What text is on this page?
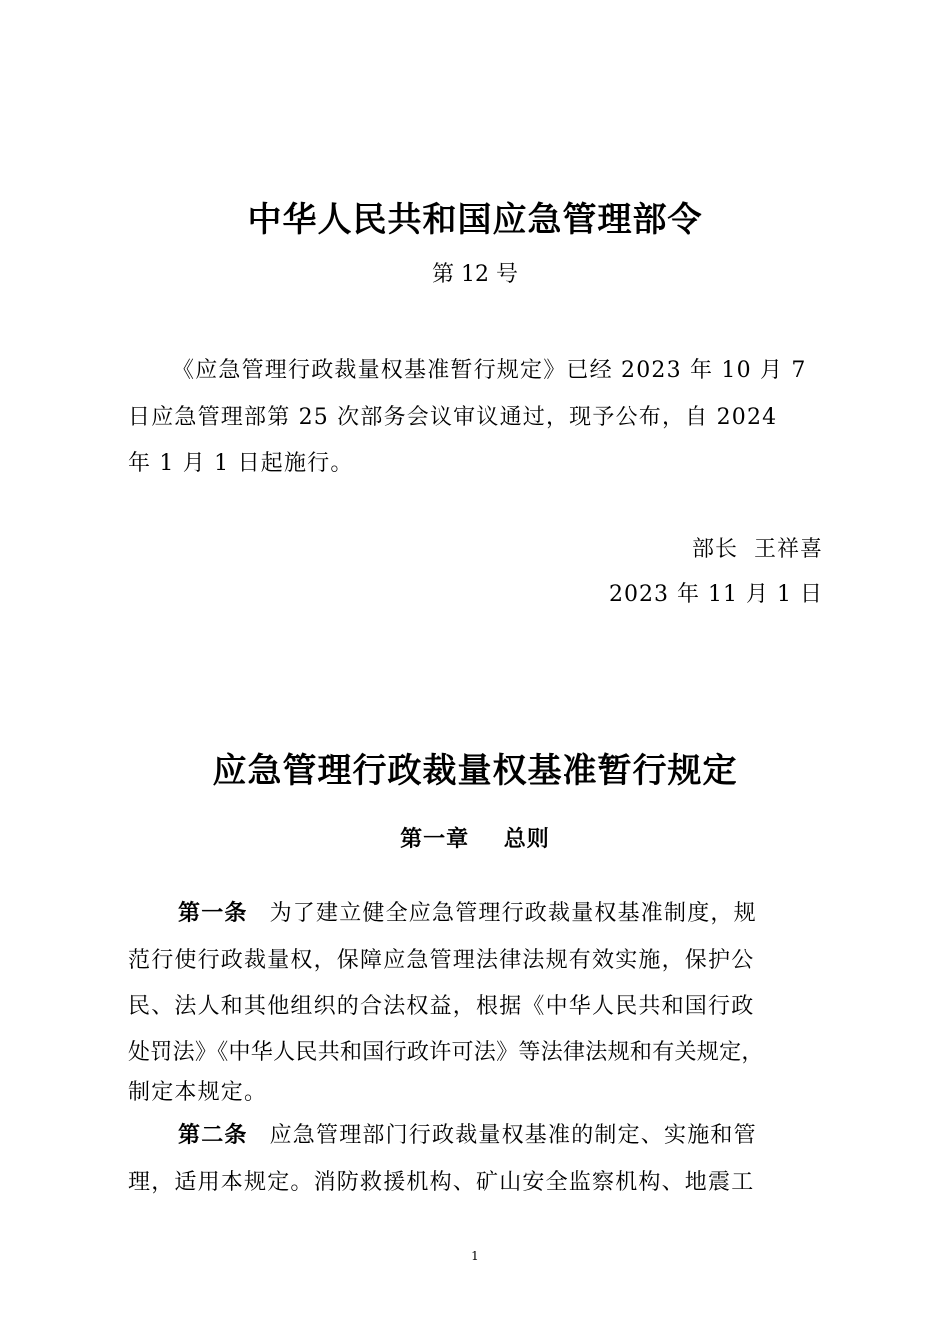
中华人民共和国应急管理部令

第 12 号

《应急管理行政裁量权基准暂行规定》已经 2023 年 10 月 7

日应急管理部第 25 次部务会议审议通过，现予公布，自 2024

年 1 月 1 日起施行。

部长  王祥喜

2023 年 11 月 1 日

应急管理行政裁量权基准暂行规定
第一章    总则

第一条 为了建立健全应急管理行政裁量权基准制度，规

范行使行政裁量权，保障应急管理法律法规有效实施，保护公

民、法人和其他组织的合法权益，根据《中华人民共和国行政

处罚法》《中华人民共和国行政许可法》等法律法规和有关规定，

制定本规定。

第二条 应急管理部门行政裁量权基准的制定、实施和管

理，适用本规定。消防救援机构、矿山安全监察机构、地震工

1
